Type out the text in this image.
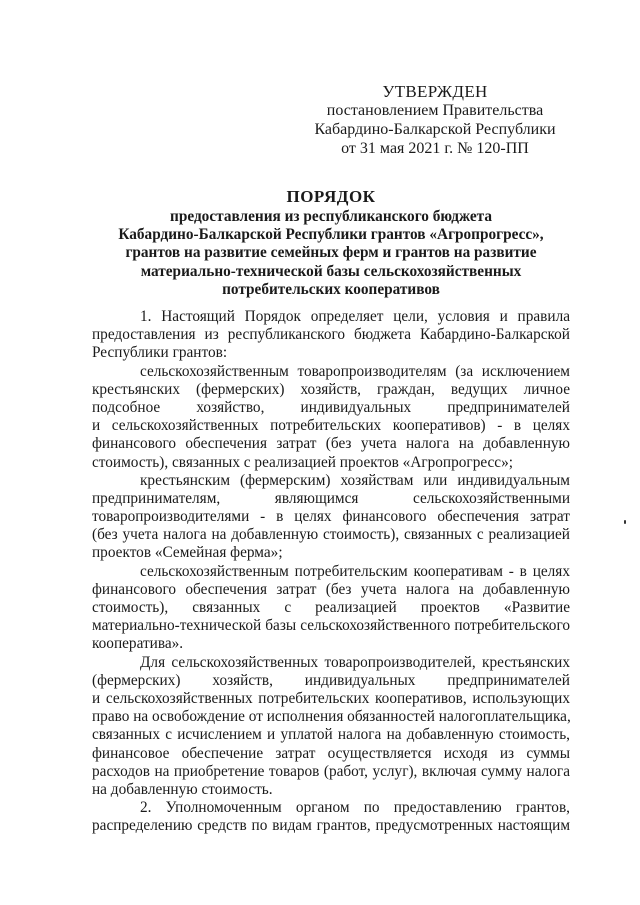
УТВЕРЖДЕН
постановлением Правительства
Кабардино-Балкарской Республики
от 31 мая 2021 г. № 120-ПП
ПОРЯДОК
предоставления из республиканского бюджета
Кабардино-Балкарской Республики грантов «Агропрогресс»,
грантов на развитие семейных ферм и грантов на развитие
материально-технической базы сельскохозяйственных
потребительских кооперативов
1. Настоящий Порядок определяет цели, условия и правила
предоставления из республиканского бюджета Кабардино-Балкарской
Республики грантов:
сельскохозяйственным товаропроизводителям (за исключением
крестьянских (фермерских) хозяйств, граждан, ведущих личное
подсобное хозяйство, индивидуальных предпринимателей
и сельскохозяйственных потребительских кооперативов) - в целях
финансового обеспечения затрат (без учета налога на добавленную
стоимость), связанных с реализацией проектов «Агропрогресс»;
крестьянским (фермерским) хозяйствам или индивидуальным
предпринимателям, являющимся сельскохозяйственными
товаропроизводителями - в целях финансового обеспечения затрат
(без учета налога на добавленную стоимость), связанных с реализацией
проектов «Семейная ферма»;
сельскохозяйственным потребительским кооперативам - в целях
финансового обеспечения затрат (без учета налога на добавленную
стоимость), связанных с реализацией проектов «Развитие
материально-технической базы сельскохозяйственного потребительского
кооператива».
Для сельскохозяйственных товаропроизводителей, крестьянских
(фермерских) хозяйств, индивидуальных предпринимателей
и сельскохозяйственных потребительских кооперативов, использующих
право на освобождение от исполнения обязанностей налогоплательщика,
связанных с исчислением и уплатой налога на добавленную стоимость,
финансовое обеспечение затрат осуществляется исходя из суммы
расходов на приобретение товаров (работ, услуг), включая сумму налога
на добавленную стоимость.
2. Уполномоченным органом по предоставлению грантов,
распределению средств по видам грантов, предусмотренных настоящим
